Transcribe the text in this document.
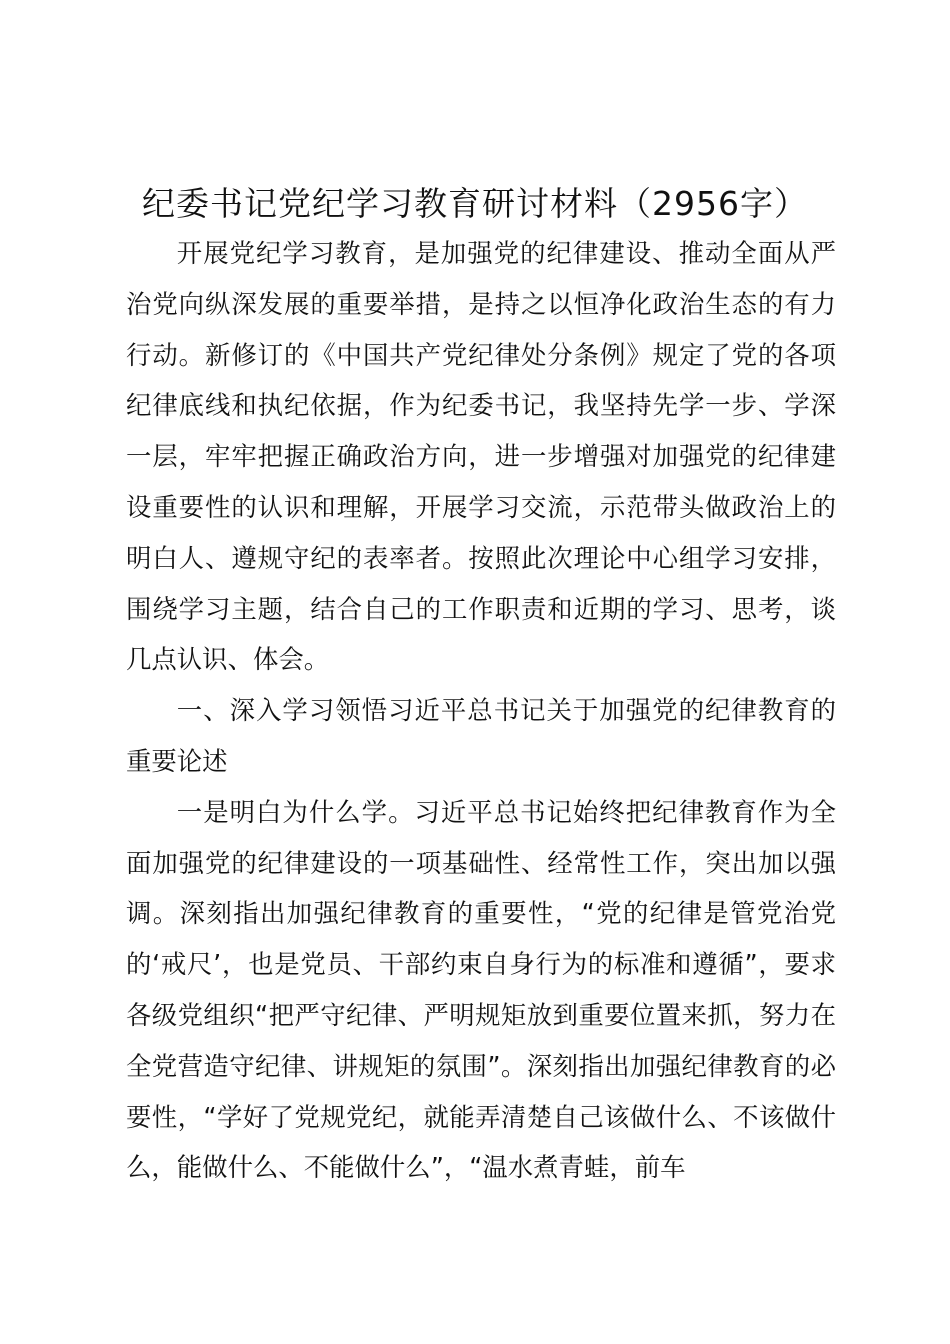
纪委书记党纪学习教育研讨材料（2956字）

开展党纪学习教育，是加强党的纪律建设、推动全面从严治党向纵深发展的重要举措，是持之以恒净化政治生态的有力行动。新修订的《中国共产党纪律处分条例》规定了党的各项纪律底线和执纪依据，作为纪委书记，我坚持先学一步、学深一层，牢牢把握正确政治方向，进一步增强对加强党的纪律建设重要性的认识和理解，开展学习交流，示范带头做政治上的明白人、遵规守纪的表率者。按照此次理论中心组学习安排，围绕学习主题，结合自己的工作职责和近期的学习、思考，谈几点认识、体会。

一、深入学习领悟习近平总书记关于加强党的纪律教育的重要论述

一是明白为什么学。习近平总书记始终把纪律教育作为全面加强党的纪律建设的一项基础性、经常性工作，突出加以强调。深刻指出加强纪律教育的重要性，“党的纪律是管党治党的‘戒尺’，也是党员、干部约束自身行为的标准和遵循”，要求各级党组织“把严守纪律、严明规矩放到重要位置来抓，努力在全党营造守纪律、讲规矩的氛围”。深刻指出加强纪律教育的必要性，“学好了党规党纪，就能弄清楚自己该做什么、不该做什么，能做什么、不能做什么”，“温水煮青蛙，前车
